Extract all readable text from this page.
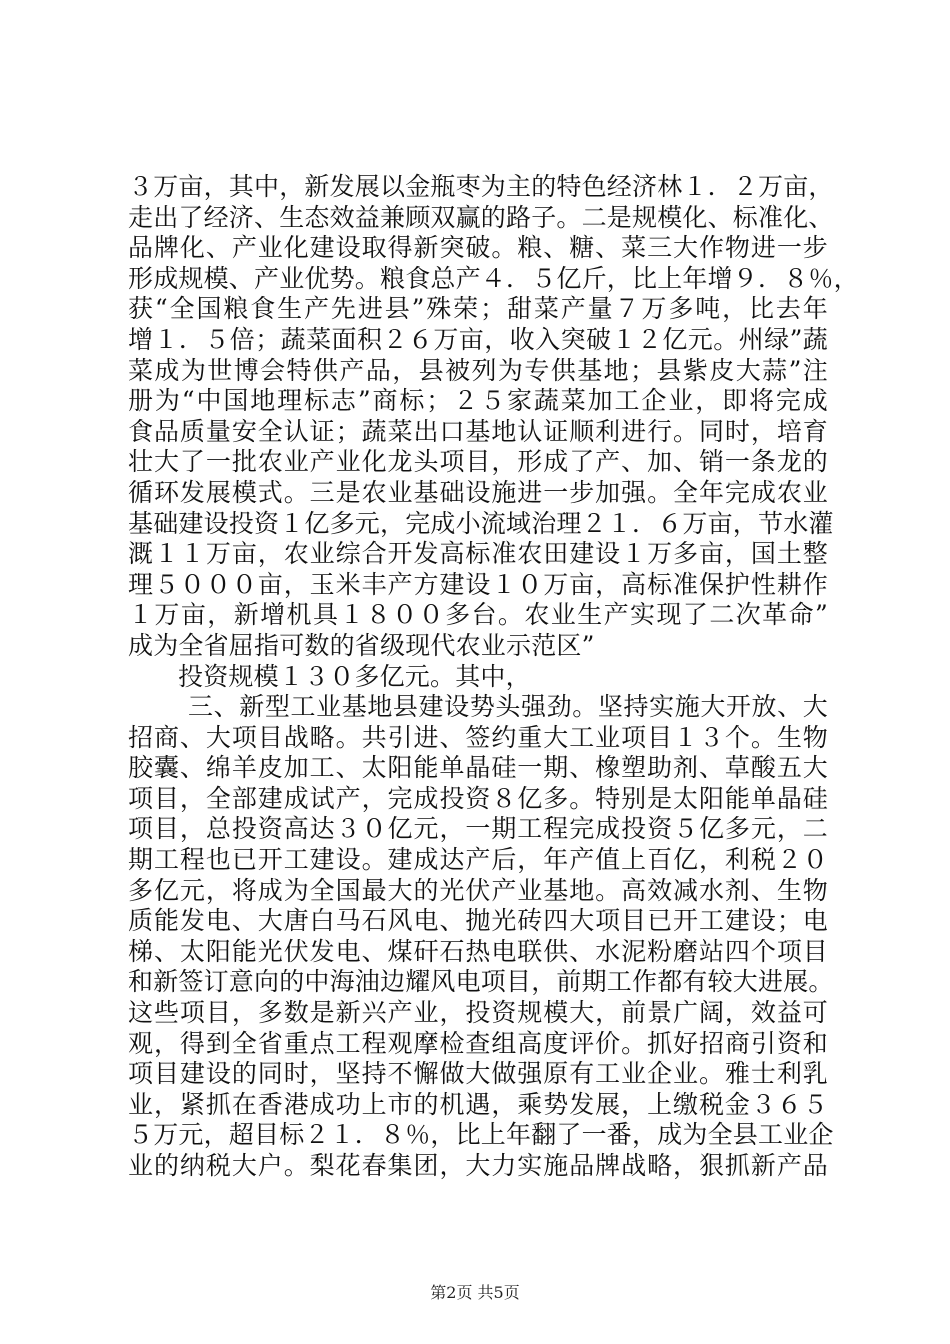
３万亩，其中，新发展以金瓶枣为主的特色经济林１．２万亩，
走出了经济、生态效益兼顾双赢的路子。二是规模化、标准化、
品牌化、产业化建设取得新突破。粮、糖、菜三大作物进一步
形成规模、产业优势。粮食总产４．５亿斤，比上年增９．８％，
获“全国粮食生产先进县”殊荣；甜菜产量７万多吨，比去年
增１．５倍；蔬菜面积２６万亩，收入突破１２亿元。州绿”蔬
菜成为世博会特供产品，县被列为专供基地；县紫皮大蒜”注
册为“中国地理标志”商标；２５家蔬菜加工企业，即将完成
食品质量安全认证；蔬菜出口基地认证顺利进行。同时，培育
壮大了一批农业产业化龙头项目，形成了产、加、销一条龙的
循环发展模式。三是农业基础设施进一步加强。全年完成农业
基础建设投资１亿多元，完成小流域治理２１．６万亩，节水灌
溉１１万亩，农业综合开发高标准农田建设１万多亩，国土整
理５０００亩，玉米丰产方建设１０万亩，高标准保护性耕作
１万亩，新增机具１８００多台。农业生产实现了二次革命”
成为全省屈指可数的省级现代农业示范区”
投资规模１３０多亿元。其中，
三、新型工业基地县建设势头强劲。坚持实施大开放、大
招商、大项目战略。共引进、签约重大工业项目１３个。生物
胶囊、绵羊皮加工、太阳能单晶硅一期、橡塑助剂、草酸五大
项目，全部建成试产，完成投资８亿多。特别是太阳能单晶硅
项目，总投资高达３０亿元，一期工程完成投资５亿多元，二
期工程也已开工建设。建成达产后，年产值上百亿，利税２０
多亿元，将成为全国最大的光伏产业基地。高效减水剂、生物
质能发电、大唐白马石风电、抛光砖四大项目已开工建设；电
梯、太阳能光伏发电、煤矸石热电联供、水泥粉磨站四个项目
和新签订意向的中海油边耀风电项目，前期工作都有较大进展。
这些项目，多数是新兴产业，投资规模大，前景广阔，效益可
观，得到全省重点工程观摩检查组高度评价。抓好招商引资和
项目建设的同时，坚持不懈做大做强原有工业企业。雅士利乳
业，紧抓在香港成功上市的机遇，乘势发展，上缴税金３６５
５万元，超目标２１．８％，比上年翻了一番，成为全县工业企
业的纳税大户。梨花春集团，大力实施品牌战略，狠抓新产品
第2页 共5页
